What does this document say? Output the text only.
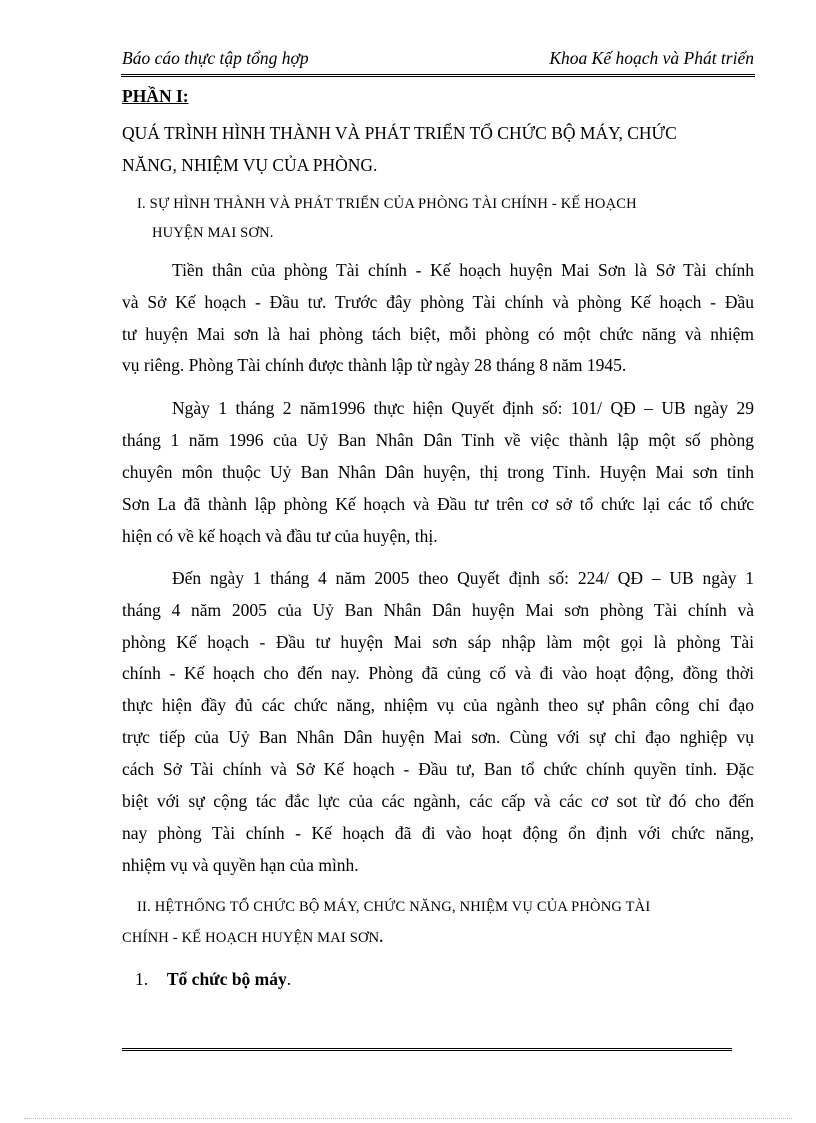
Báo cáo thực tập tổng hợp	Khoa Kế hoạch và Phát triển
PHẦN I:
QUÁ TRÌNH HÌNH THÀNH VÀ PHÁT TRIỂN TỔ CHỨC BỘ MÁY, CHỨC
NĂNG, NHIỆM VỤ CỦA PHÒNG.
I. SỰ HÌNH THÀNH VÀ PHÁT TRIỂN CỦA PHÒNG TÀI CHÍNH - KẾ HOẠCH
HUYỆN MAI SƠN.
Tiền thân của phòng Tài chính - Kế hoạch huyện Mai Sơn là Sở Tài chính
và Sở Kế hoạch - Đầu tư. Trước đây phòng Tài chính và phòng Kế hoạch - Đầu
tư huyện Mai sơn là hai phòng tách biệt, mỗi phòng có một chức năng và nhiệm
vụ riêng. Phòng Tài chính được thành lập từ ngày 28 tháng 8 năm 1945.
Ngày 1 tháng 2 năm1996 thực hiện Quyết định số: 101/ QĐ – UB ngày 29
tháng 1 năm 1996 của Uỷ Ban Nhân Dân Tỉnh về việc thành lập một số phòng
chuyên môn thuộc Uỷ Ban Nhân Dân huyện, thị trong Tỉnh. Huyện Mai sơn tỉnh
Sơn La đã thành lập phòng Kế hoạch và Đầu tư trên cơ sở tổ chức lại các tổ chức
hiện có về kế hoạch và đầu tư của huyện, thị.
Đến ngày 1 tháng 4 năm 2005 theo Quyết định số: 224/ QĐ – UB ngày 1
tháng 4 năm 2005 của Uỷ Ban Nhân Dân huyện Mai sơn phòng Tài chính và
phòng Kế hoạch - Đầu tư huyện Mai sơn sáp nhập làm một gọi là phòng Tài
chính - Kế hoạch cho đến nay. Phòng đã củng cố và đi vào hoạt động, đồng thời
thực hiện đầy đủ các chức năng, nhiệm vụ của ngành theo sự phân công chỉ đạo
trực tiếp của Uỷ Ban Nhân Dân huyện Mai sơn. Cùng với sự chỉ đạo nghiệp vụ
cách Sở Tài chính và Sở Kế hoạch - Đầu tư, Ban tổ chức chính quyền tỉnh. Đặc
biệt với sự cộng tác đắc lực của các ngành, các cấp và các cơ sot từ đó cho đến
nay phòng Tài chính - Kế hoạch đã đi vào hoạt động ổn định với chức năng,
nhiệm vụ và quyền hạn của mình.
II. HỆTHỐNG TỔ CHỨC BỘ MÁY, CHỨC NĂNG, NHIỆM VỤ CỦA PHÒNG TÀI
CHÍNH - KẾ HOẠCH HUYỆN MAI SƠN.
1. Tổ chức bộ máy.
